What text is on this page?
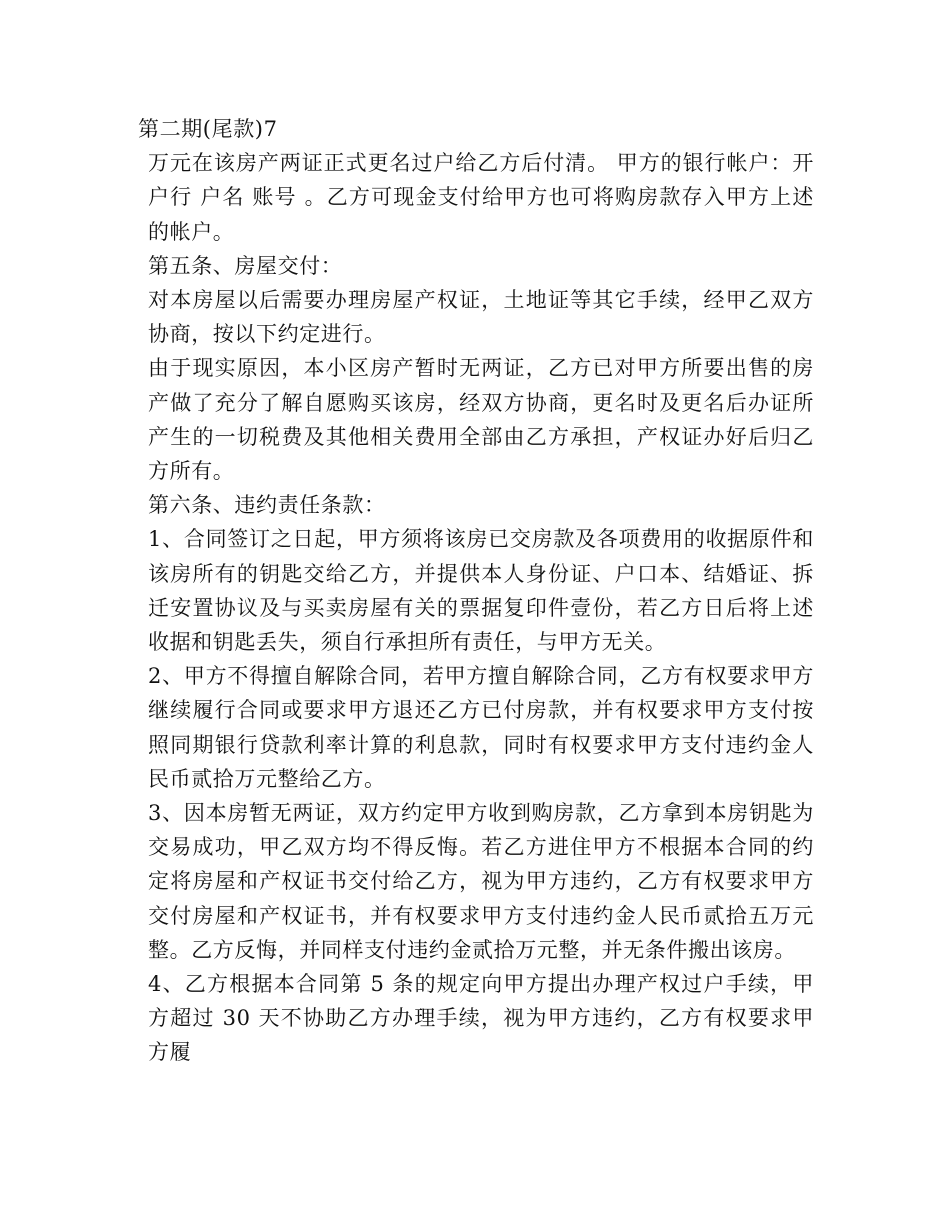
第二期(尾款)7

万元在该房产两证正式更名过户给乙方后付清。 甲方的银行帐户：开户行 户名 账号 。乙方可现金支付给甲方也可将购房款存入甲方上述的帐户。

第五条、房屋交付：

对本房屋以后需要办理房屋产权证，土地证等其它手续，经甲乙双方协商，按以下约定进行。

由于现实原因，本小区房产暂时无两证，乙方已对甲方所要出售的房产做了充分了解自愿购买该房，经双方协商，更名时及更名后办证所产生的一切税费及其他相关费用全部由乙方承担，产权证办好后归乙方所有。

第六条、违约责任条款：

1、合同签订之日起，甲方须将该房已交房款及各项费用的收据原件和该房所有的钥匙交给乙方，并提供本人身份证、户口本、结婚证、拆迁安置协议及与买卖房屋有关的票据复印件壹份，若乙方日后将上述收据和钥匙丢失，须自行承担所有责任，与甲方无关。

2、甲方不得擅自解除合同，若甲方擅自解除合同，乙方有权要求甲方继续履行合同或要求甲方退还乙方已付房款，并有权要求甲方支付按照同期银行贷款利率计算的利息款，同时有权要求甲方支付违约金人民币贰拾万元整给乙方。

3、因本房暂无两证，双方约定甲方收到购房款，乙方拿到本房钥匙为交易成功，甲乙双方均不得反悔。若乙方进住甲方不根据本合同的约定将房屋和产权证书交付给乙方，视为甲方违约，乙方有权要求甲方交付房屋和产权证书，并有权要求甲方支付违约金人民币贰拾五万元整。乙方反悔，并同样支付违约金贰拾万元整，并无条件搬出该房。

4、乙方根据本合同第 5 条的规定向甲方提出办理产权过户手续，甲方超过 30 天不协助乙方办理手续，视为甲方违约，乙方有权要求甲方履
